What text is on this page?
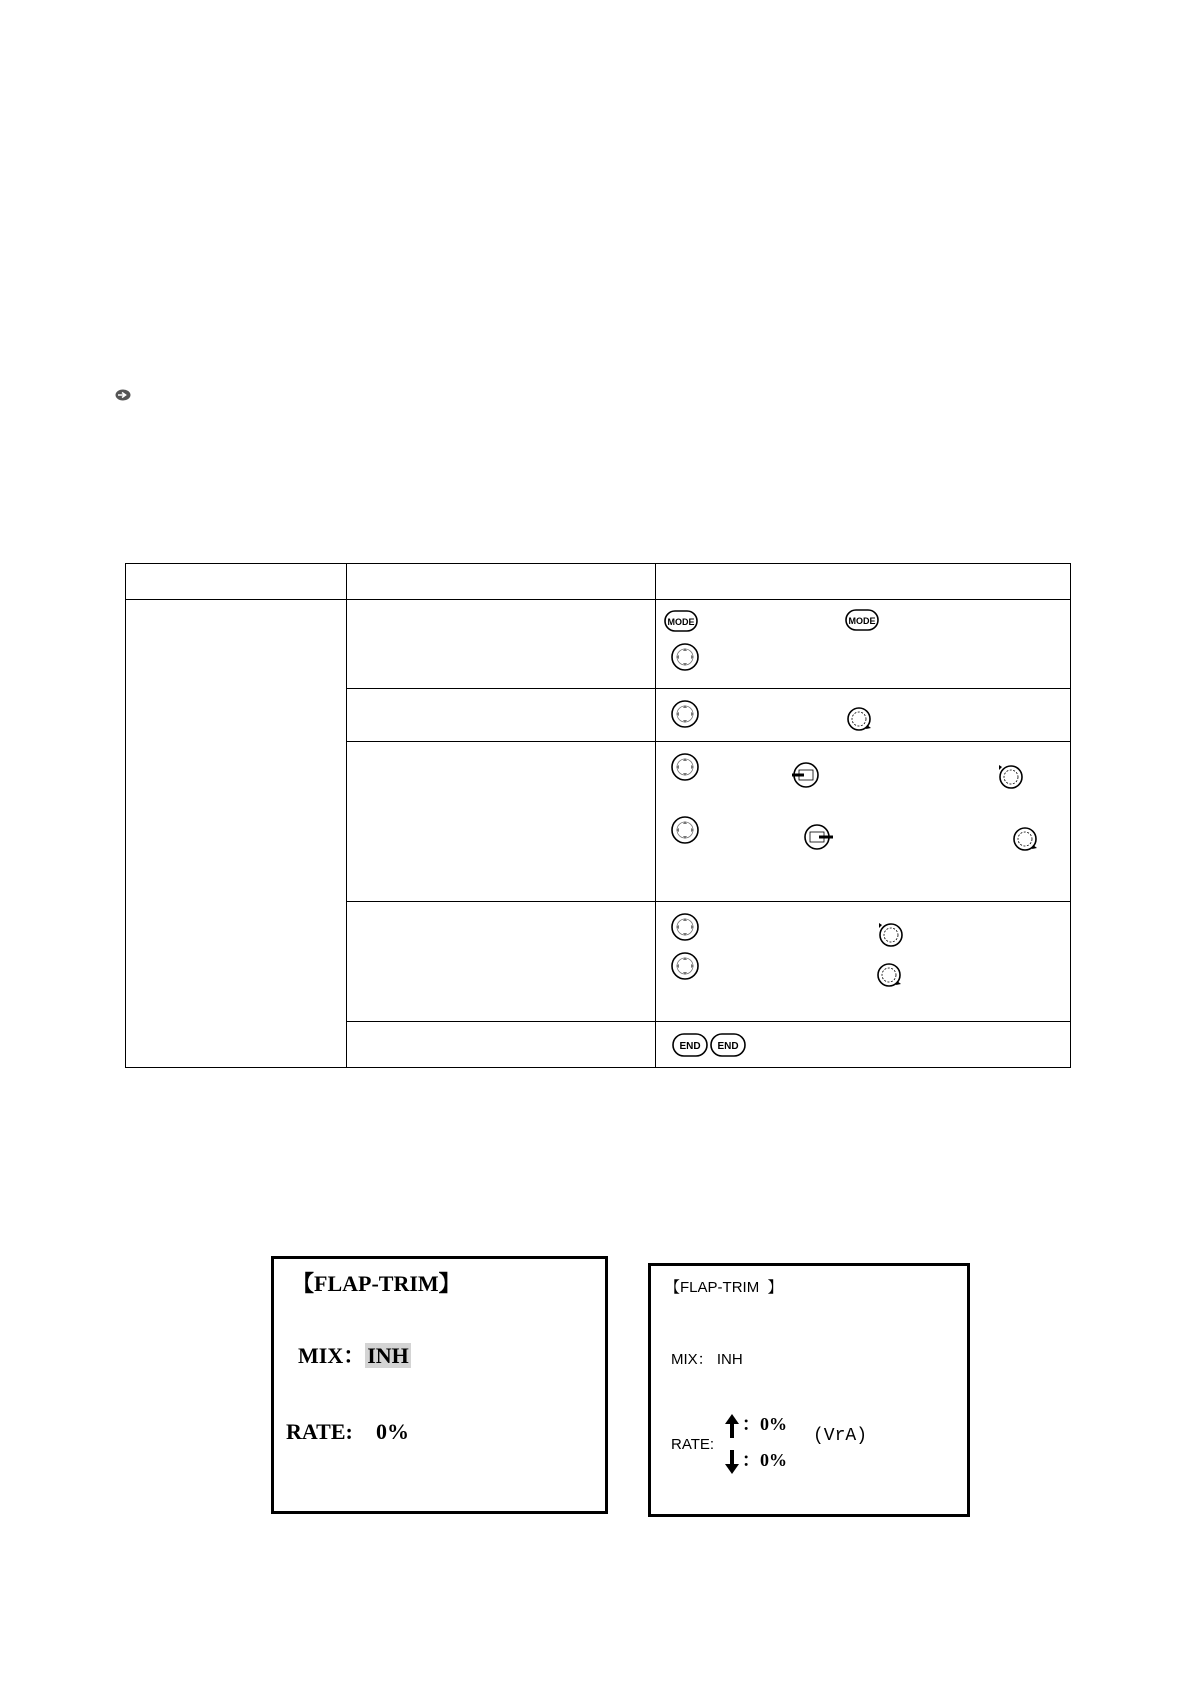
MODE	MODE
END END
【FLAP-TRIM】
MIX：INH
RATE: 0%
【FLAP-TRIM 】
MIX： INH
RATE:
：0%
：0%
(VrA)
